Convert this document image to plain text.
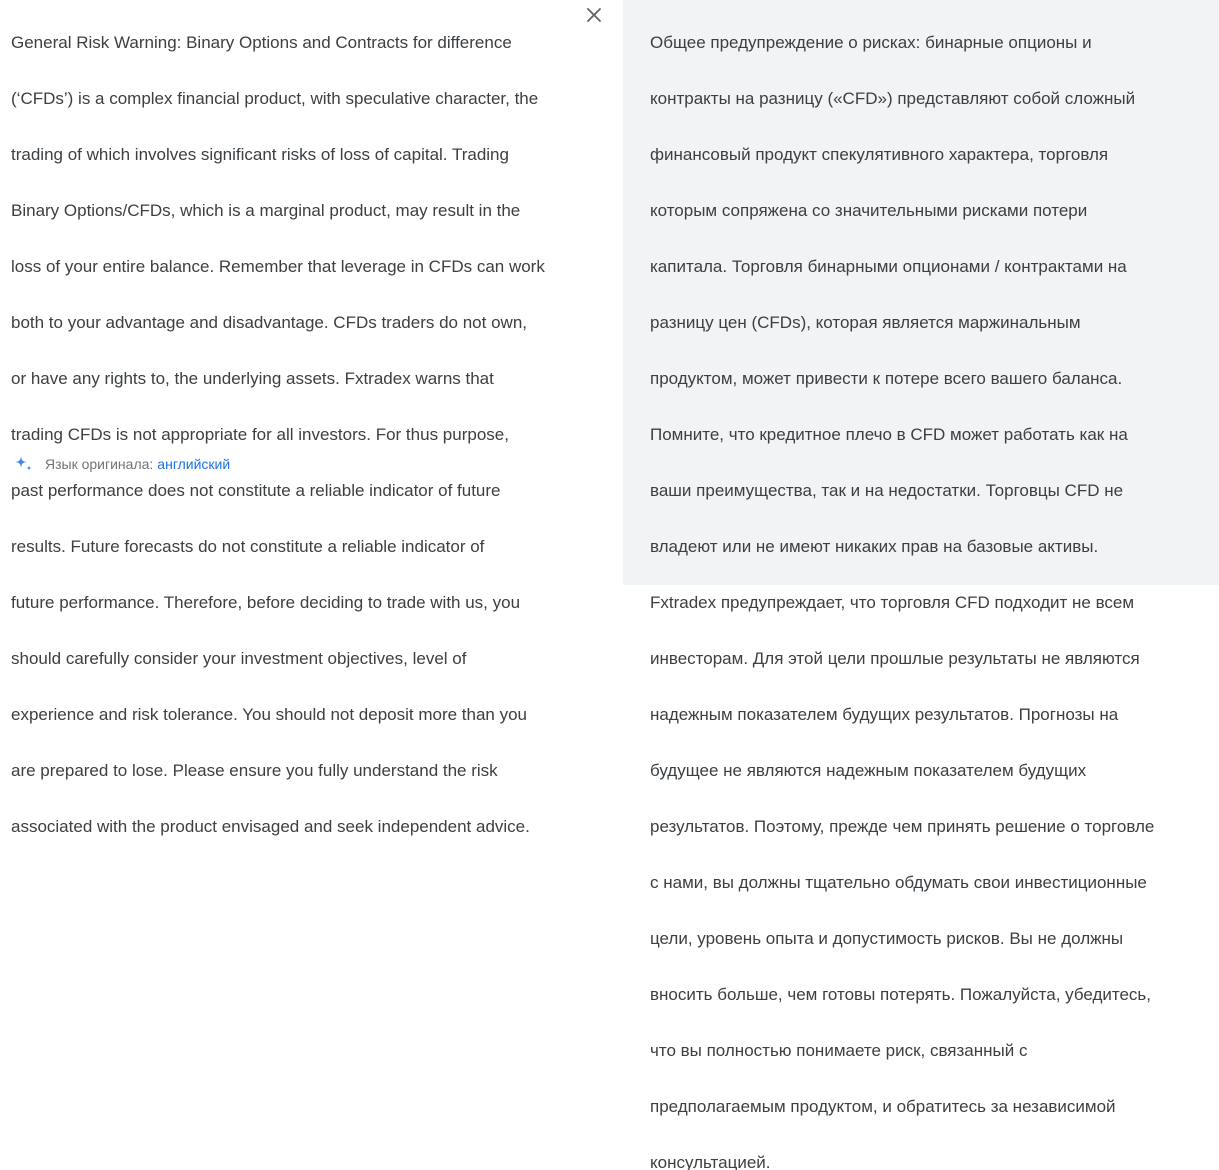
General Risk Warning: Binary Options and Contracts for difference

(‘CFDs’) is a complex financial product, with speculative character, the

trading of which involves significant risks of loss of capital. Trading

Binary Options/CFDs, which is a marginal product, may result in the

loss of your entire balance. Remember that leverage in CFDs can work

both to your advantage and disadvantage. CFDs traders do not own,

or have any rights to, the underlying assets. Fxtradex warns that

trading CFDs is not appropriate for all investors. For thus purpose,

past performance does not constitute a reliable indicator of future

results. Future forecasts do not constitute a reliable indicator of

future performance. Therefore, before deciding to trade with us, you

should carefully consider your investment objectives, level of

experience and risk tolerance. You should not deposit more than you

are prepared to lose. Please ensure you fully understand the risk

associated with the product envisaged and seek independent advice.

Язык оригинала: английский

Общее предупреждение о рисках: бинарные опционы и

контракты на разницу («CFD») представляют собой сложный

финансовый продукт спекулятивного характера, торговля

которым сопряжена со значительными рисками потери

капитала. Торговля бинарными опционами / контрактами на

разницу цен (CFDs), которая является маржинальным

продуктом, может привести к потере всего вашего баланса.

Помните, что кредитное плечо в CFD может работать как на

ваши преимущества, так и на недостатки. Торговцы CFD не

владеют или не имеют никаких прав на базовые активы.

Fxtradex предупреждает, что торговля CFD подходит не всем

инвесторам. Для этой цели прошлые результаты не являются

надежным показателем будущих результатов. Прогнозы на

будущее не являются надежным показателем будущих

результатов. Поэтому, прежде чем принять решение о торговле

с нами, вы должны тщательно обдумать свои инвестиционные

цели, уровень опыта и допустимость рисков. Вы не должны

вносить больше, чем готовы потерять. Пожалуйста, убедитесь,

что вы полностью понимаете риск, связанный с

предполагаемым продуктом, и обратитесь за независимой

консультацией.
